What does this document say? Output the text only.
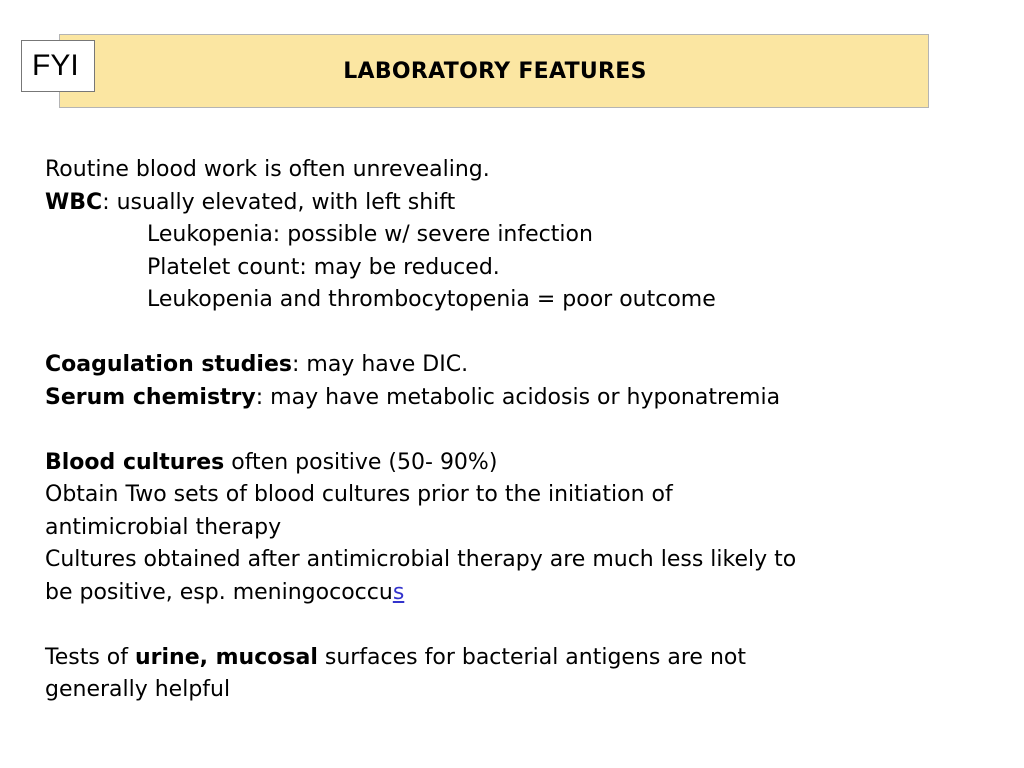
LABORATORY FEATURES
FYI
Routine blood work is often unrevealing.
WBC: usually elevated, with left shift
Leukopenia: possible w/ severe infection
Platelet count: may be reduced.
Leukopenia and thrombocytopenia = poor outcome
Coagulation studies: may have DIC.
Serum chemistry: may have metabolic acidosis or hyponatremia
Blood cultures often positive (50- 90%)
Obtain Two sets of blood cultures prior to the initiation of
antimicrobial therapy
Cultures obtained after antimicrobial therapy are much less likely to
be positive, esp. meningococcus
Tests of urine, mucosal surfaces for bacterial antigens are not
generally helpful
